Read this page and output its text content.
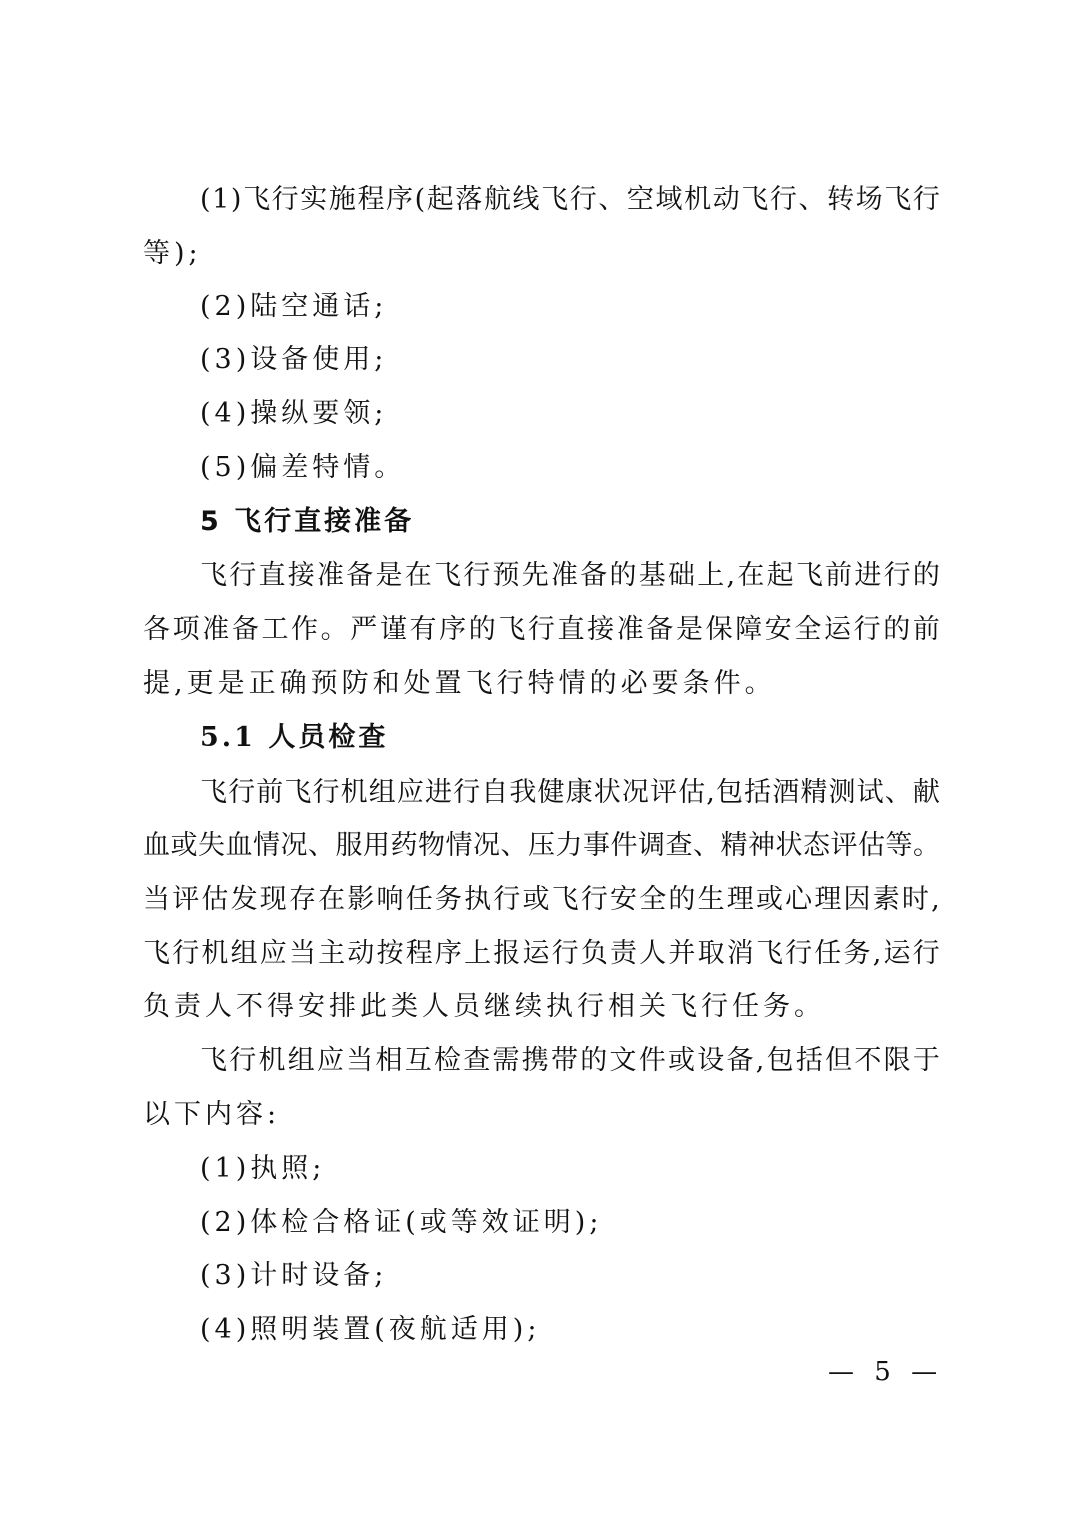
( 1 ) 飞 行 实 施 程 序 ( 起 落 航 线 飞 行 、 空 域 机 动 飞 行 、 转 场 飞 行
等);
(2)陆空通话;
(3)设备使用;
(4)操纵要领;
(5)偏差特情。
5 飞行直接准备
飞 行 直 接 准 备 是 在 飞 行 预 先 准 备 的 基 础 上 , 在 起 飞 前 进 行 的
各 项 准 备 工 作 。 严 谨 有 序 的 飞 行 直 接 准 备 是 保 障 安 全 运 行 的 前
提,更是正确预防和处置飞行特情的必要条件。
5.1 人员检查
飞 行 前 飞 行 机 组 应 进 行 自 我 健 康 状 况 评 估 , 包 括 酒 精 测 试 、 献
血 或 失 血 情 况 、 服 用 药 物 情 况 、 压 力 事 件 调 查 、 精 神 状 态 评 估 等 。
当 评 估 发 现 存 在 影 响 任 务 执 行 或 飞 行 安 全 的 生 理 或 心 理 因 素 时 ,
飞 行 机 组 应 当 主 动 按 程 序 上 报 运 行 负 责 人 并 取 消 飞 行 任 务 , 运 行
负责人不得安排此类人员继续执行相关飞行任务。
飞 行 机 组 应 当 相 互 检 查 需 携 带 的 文 件 或 设 备 , 包 括 但 不 限 于
以下内容:
(1)执照;
(2)体检合格证(或等效证明);
(3)计时设备;
(4)照明装置(夜航适用);
— 5 —
